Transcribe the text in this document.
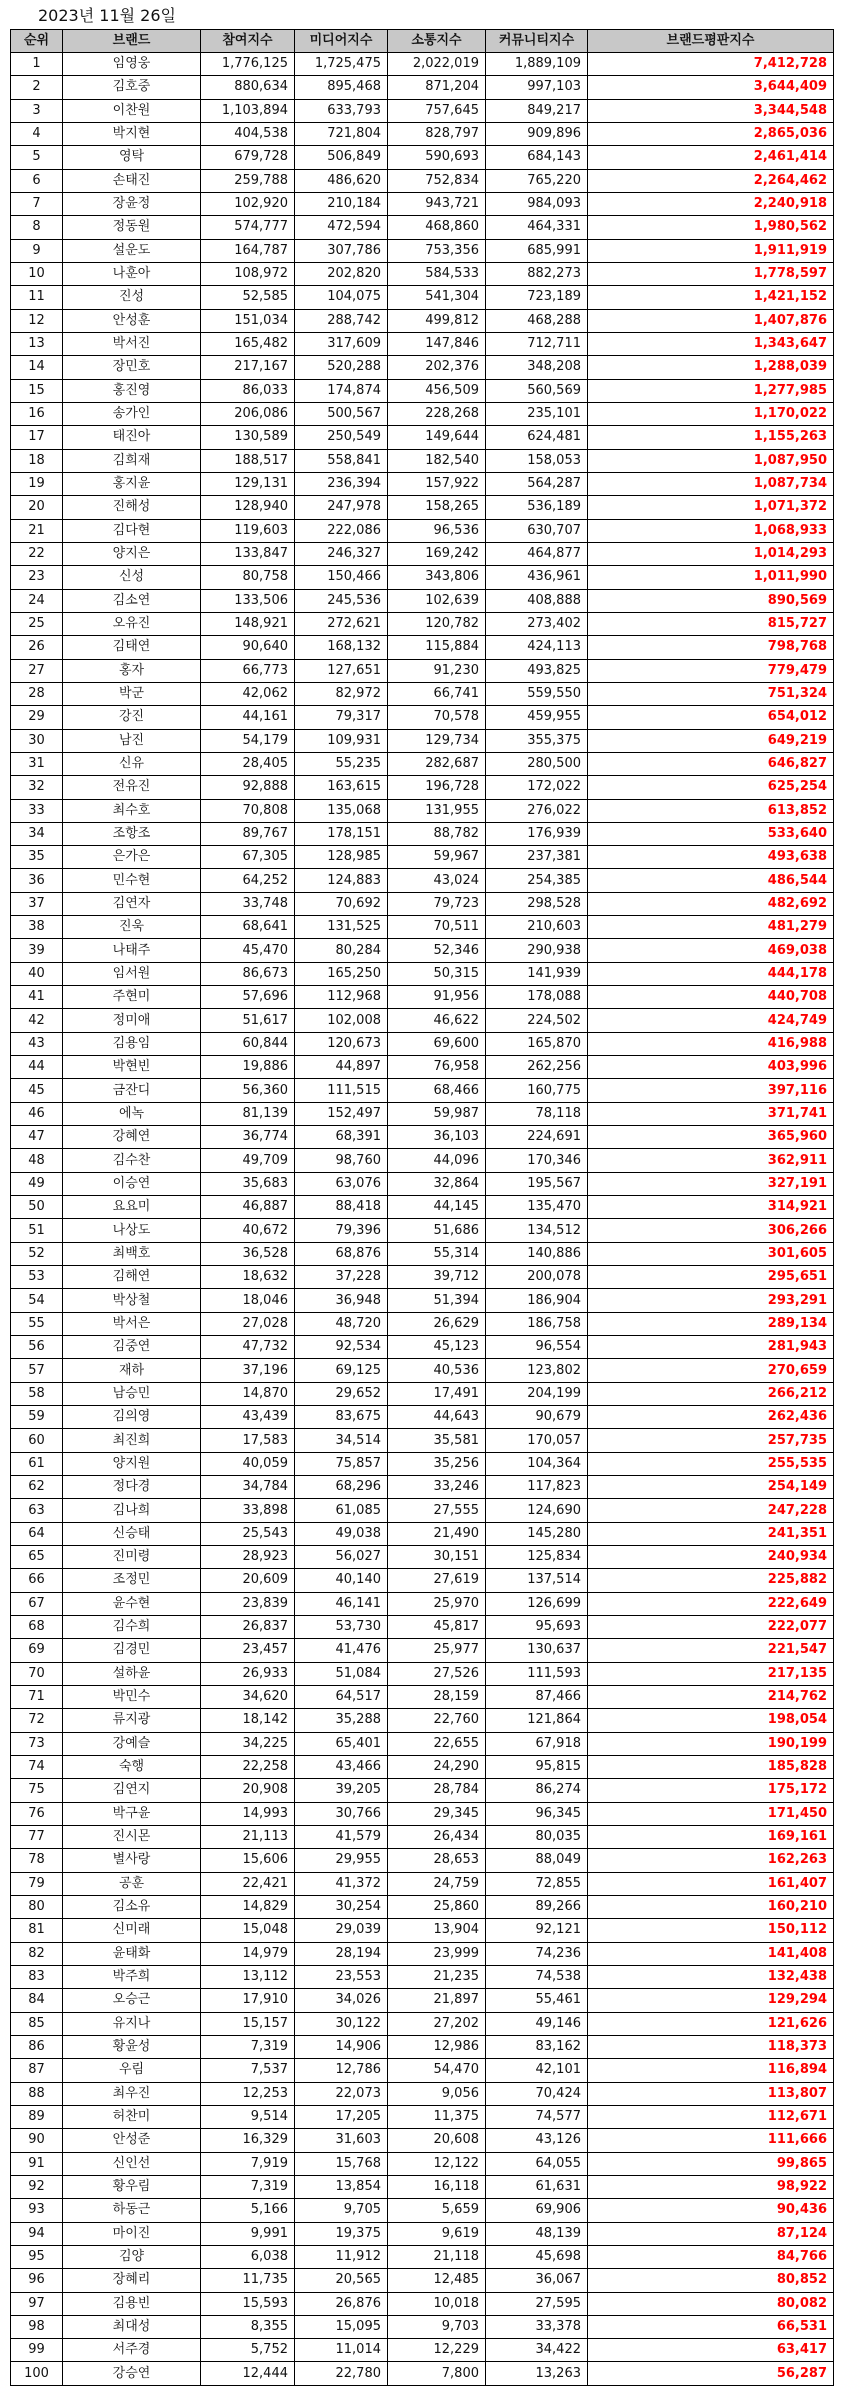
2023년 11월 26일
순위	브랜드	참여지수	미디어지수	소통지수	커뮤니티지수	브랜드평판지수
1	임영웅	1,776,125	1,725,475	2,022,019	1,889,109	7,412,728
2	김호중	880,634	895,468	871,204	997,103	3,644,409
3	이찬원	1,103,894	633,793	757,645	849,217	3,344,548
4	박지현	404,538	721,804	828,797	909,896	2,865,036
5	영탁	679,728	506,849	590,693	684,143	2,461,414
6	손태진	259,788	486,620	752,834	765,220	2,264,462
7	장윤정	102,920	210,184	943,721	984,093	2,240,918
8	정동원	574,777	472,594	468,860	464,331	1,980,562
9	설운도	164,787	307,786	753,356	685,991	1,911,919
10	나훈아	108,972	202,820	584,533	882,273	1,778,597
11	진성	52,585	104,075	541,304	723,189	1,421,152
12	안성훈	151,034	288,742	499,812	468,288	1,407,876
13	박서진	165,482	317,609	147,846	712,711	1,343,647
14	장민호	217,167	520,288	202,376	348,208	1,288,039
15	홍진영	86,033	174,874	456,509	560,569	1,277,985
16	송가인	206,086	500,567	228,268	235,101	1,170,022
17	태진아	130,589	250,549	149,644	624,481	1,155,263
18	김희재	188,517	558,841	182,540	158,053	1,087,950
19	홍지윤	129,131	236,394	157,922	564,287	1,087,734
20	진해성	128,940	247,978	158,265	536,189	1,071,372
21	김다현	119,603	222,086	96,536	630,707	1,068,933
22	양지은	133,847	246,327	169,242	464,877	1,014,293
23	신성	80,758	150,466	343,806	436,961	1,011,990
24	김소연	133,506	245,536	102,639	408,888	890,569
25	오유진	148,921	272,621	120,782	273,402	815,727
26	김태연	90,640	168,132	115,884	424,113	798,768
27	홍자	66,773	127,651	91,230	493,825	779,479
28	박군	42,062	82,972	66,741	559,550	751,324
29	강진	44,161	79,317	70,578	459,955	654,012
30	남진	54,179	109,931	129,734	355,375	649,219
31	신유	28,405	55,235	282,687	280,500	646,827
32	전유진	92,888	163,615	196,728	172,022	625,254
33	최수호	70,808	135,068	131,955	276,022	613,852
34	조항조	89,767	178,151	88,782	176,939	533,640
35	은가은	67,305	128,985	59,967	237,381	493,638
36	민수현	64,252	124,883	43,024	254,385	486,544
37	김연자	33,748	70,692	79,723	298,528	482,692
38	진욱	68,641	131,525	70,511	210,603	481,279
39	나태주	45,470	80,284	52,346	290,938	469,038
40	임서원	86,673	165,250	50,315	141,939	444,178
41	주현미	57,696	112,968	91,956	178,088	440,708
42	정미애	51,617	102,008	46,622	224,502	424,749
43	김용임	60,844	120,673	69,600	165,870	416,988
44	박현빈	19,886	44,897	76,958	262,256	403,996
45	금잔디	56,360	111,515	68,466	160,775	397,116
46	에녹	81,139	152,497	59,987	78,118	371,741
47	강혜연	36,774	68,391	36,103	224,691	365,960
48	김수찬	49,709	98,760	44,096	170,346	362,911
49	이승연	35,683	63,076	32,864	195,567	327,191
50	요요미	46,887	88,418	44,145	135,470	314,921
51	나상도	40,672	79,396	51,686	134,512	306,266
52	최백호	36,528	68,876	55,314	140,886	301,605
53	김해연	18,632	37,228	39,712	200,078	295,651
54	박상철	18,046	36,948	51,394	186,904	293,291
55	박서은	27,028	48,720	26,629	186,758	289,134
56	김중연	47,732	92,534	45,123	96,554	281,943
57	재하	37,196	69,125	40,536	123,802	270,659
58	남승민	14,870	29,652	17,491	204,199	266,212
59	김의영	43,439	83,675	44,643	90,679	262,436
60	최진희	17,583	34,514	35,581	170,057	257,735
61	양지원	40,059	75,857	35,256	104,364	255,535
62	정다경	34,784	68,296	33,246	117,823	254,149
63	김나희	33,898	61,085	27,555	124,690	247,228
64	신승태	25,543	49,038	21,490	145,280	241,351
65	진미령	28,923	56,027	30,151	125,834	240,934
66	조정민	20,609	40,140	27,619	137,514	225,882
67	윤수현	23,839	46,141	25,970	126,699	222,649
68	김수희	26,837	53,730	45,817	95,693	222,077
69	김경민	23,457	41,476	25,977	130,637	221,547
70	설하윤	26,933	51,084	27,526	111,593	217,135
71	박민수	34,620	64,517	28,159	87,466	214,762
72	류지광	18,142	35,288	22,760	121,864	198,054
73	강예슬	34,225	65,401	22,655	67,918	190,199
74	숙행	22,258	43,466	24,290	95,815	185,828
75	김연지	20,908	39,205	28,784	86,274	175,172
76	박구윤	14,993	30,766	29,345	96,345	171,450
77	진시몬	21,113	41,579	26,434	80,035	169,161
78	별사랑	15,606	29,955	28,653	88,049	162,263
79	공훈	22,421	41,372	24,759	72,855	161,407
80	김소유	14,829	30,254	25,860	89,266	160,210
81	신미래	15,048	29,039	13,904	92,121	150,112
82	윤태화	14,979	28,194	23,999	74,236	141,408
83	박주희	13,112	23,553	21,235	74,538	132,438
84	오승근	17,910	34,026	21,897	55,461	129,294
85	유지나	15,157	30,122	27,202	49,146	121,626
86	황윤성	7,319	14,906	12,986	83,162	118,373
87	우림	7,537	12,786	54,470	42,101	116,894
88	최우진	12,253	22,073	9,056	70,424	113,807
89	허찬미	9,514	17,205	11,375	74,577	112,671
90	안성준	16,329	31,603	20,608	43,126	111,666
91	신인선	7,919	15,768	12,122	64,055	99,865
92	황우림	7,319	13,854	16,118	61,631	98,922
93	하동근	5,166	9,705	5,659	69,906	90,436
94	마이진	9,991	19,375	9,619	48,139	87,124
95	김양	6,038	11,912	21,118	45,698	84,766
96	장혜리	11,735	20,565	12,485	36,067	80,852
97	김용빈	15,593	26,876	10,018	27,595	80,082
98	최대성	8,355	15,095	9,703	33,378	66,531
99	서주경	5,752	11,014	12,229	34,422	63,417
100	강승연	12,444	22,780	7,800	13,263	56,287
